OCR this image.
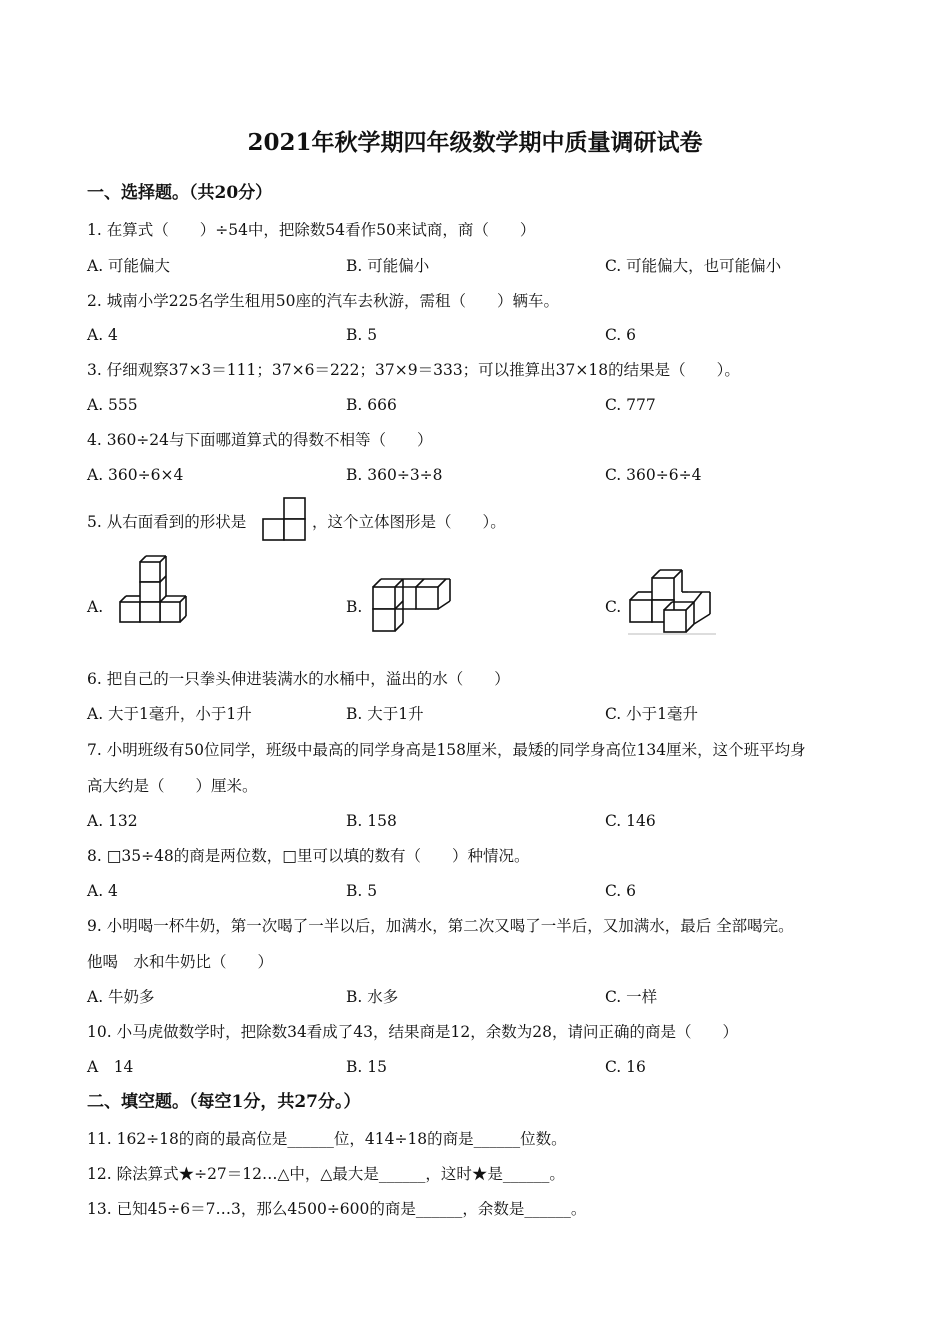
2021年秋学期四年级数学期中质量调研试卷
一、选择题。（共20分）
1. 在算式（　　）÷54中，把除数54看作50来试商，商（　　）
A. 可能偏大	B. 可能偏小	C. 可能偏大，也可能偏小
2. 城南小学225名学生租用50座的汽车去秋游，需租（　　）辆车。
A. 4	B. 5	C. 6
3. 仔细观察37×3＝111；37×6＝222；37×9＝333；可以推算出37×18的结果是（　　）。
A. 555	B. 666	C. 777
4. 360÷24与下面哪道算式的得数不相等（　　）
A. 360÷6×4	B. 360÷3÷8	C. 360÷6÷4
5. 从右面看到的形状是	，这个立体图形是（　　）。
A.	B.	C.
6. 把自己的一只拳头伸进装满水的水桶中，溢出的水（　　）
A. 大于1毫升，小于1升	B. 大于1升	C. 小于1毫升
7. 小明班级有50位同学，班级中最高的同学身高是158厘米，最矮的同学身高位134厘米，这个班平均身
高大约是（　　）厘米。
A. 132	B. 158	C. 146
8. □35÷48的商是两位数，□里可以填的数有（　　）种情况。
A. 4	B. 5	C. 6
9. 小明喝一杯牛奶，第一次喝了一半以后，加满水，第二次又喝了一半后，又加满水，最后 全部喝完。
他喝　水和牛奶比（　　）
A. 牛奶多	B. 水多	C. 一样
10. 小马虎做数学时，把除数34看成了43，结果商是12，余数为28，请问正确的商是（　　）
A　14	B. 15	C. 16
二、填空题。（每空1分，共27分。）
11. 162÷18的商的最高位是______位，414÷18的商是______位数。
12. 除法算式★÷27＝12…△中，△最大是______，这时★是______。
13. 已知45÷6＝7…3，那么4500÷600的商是______，余数是______。
